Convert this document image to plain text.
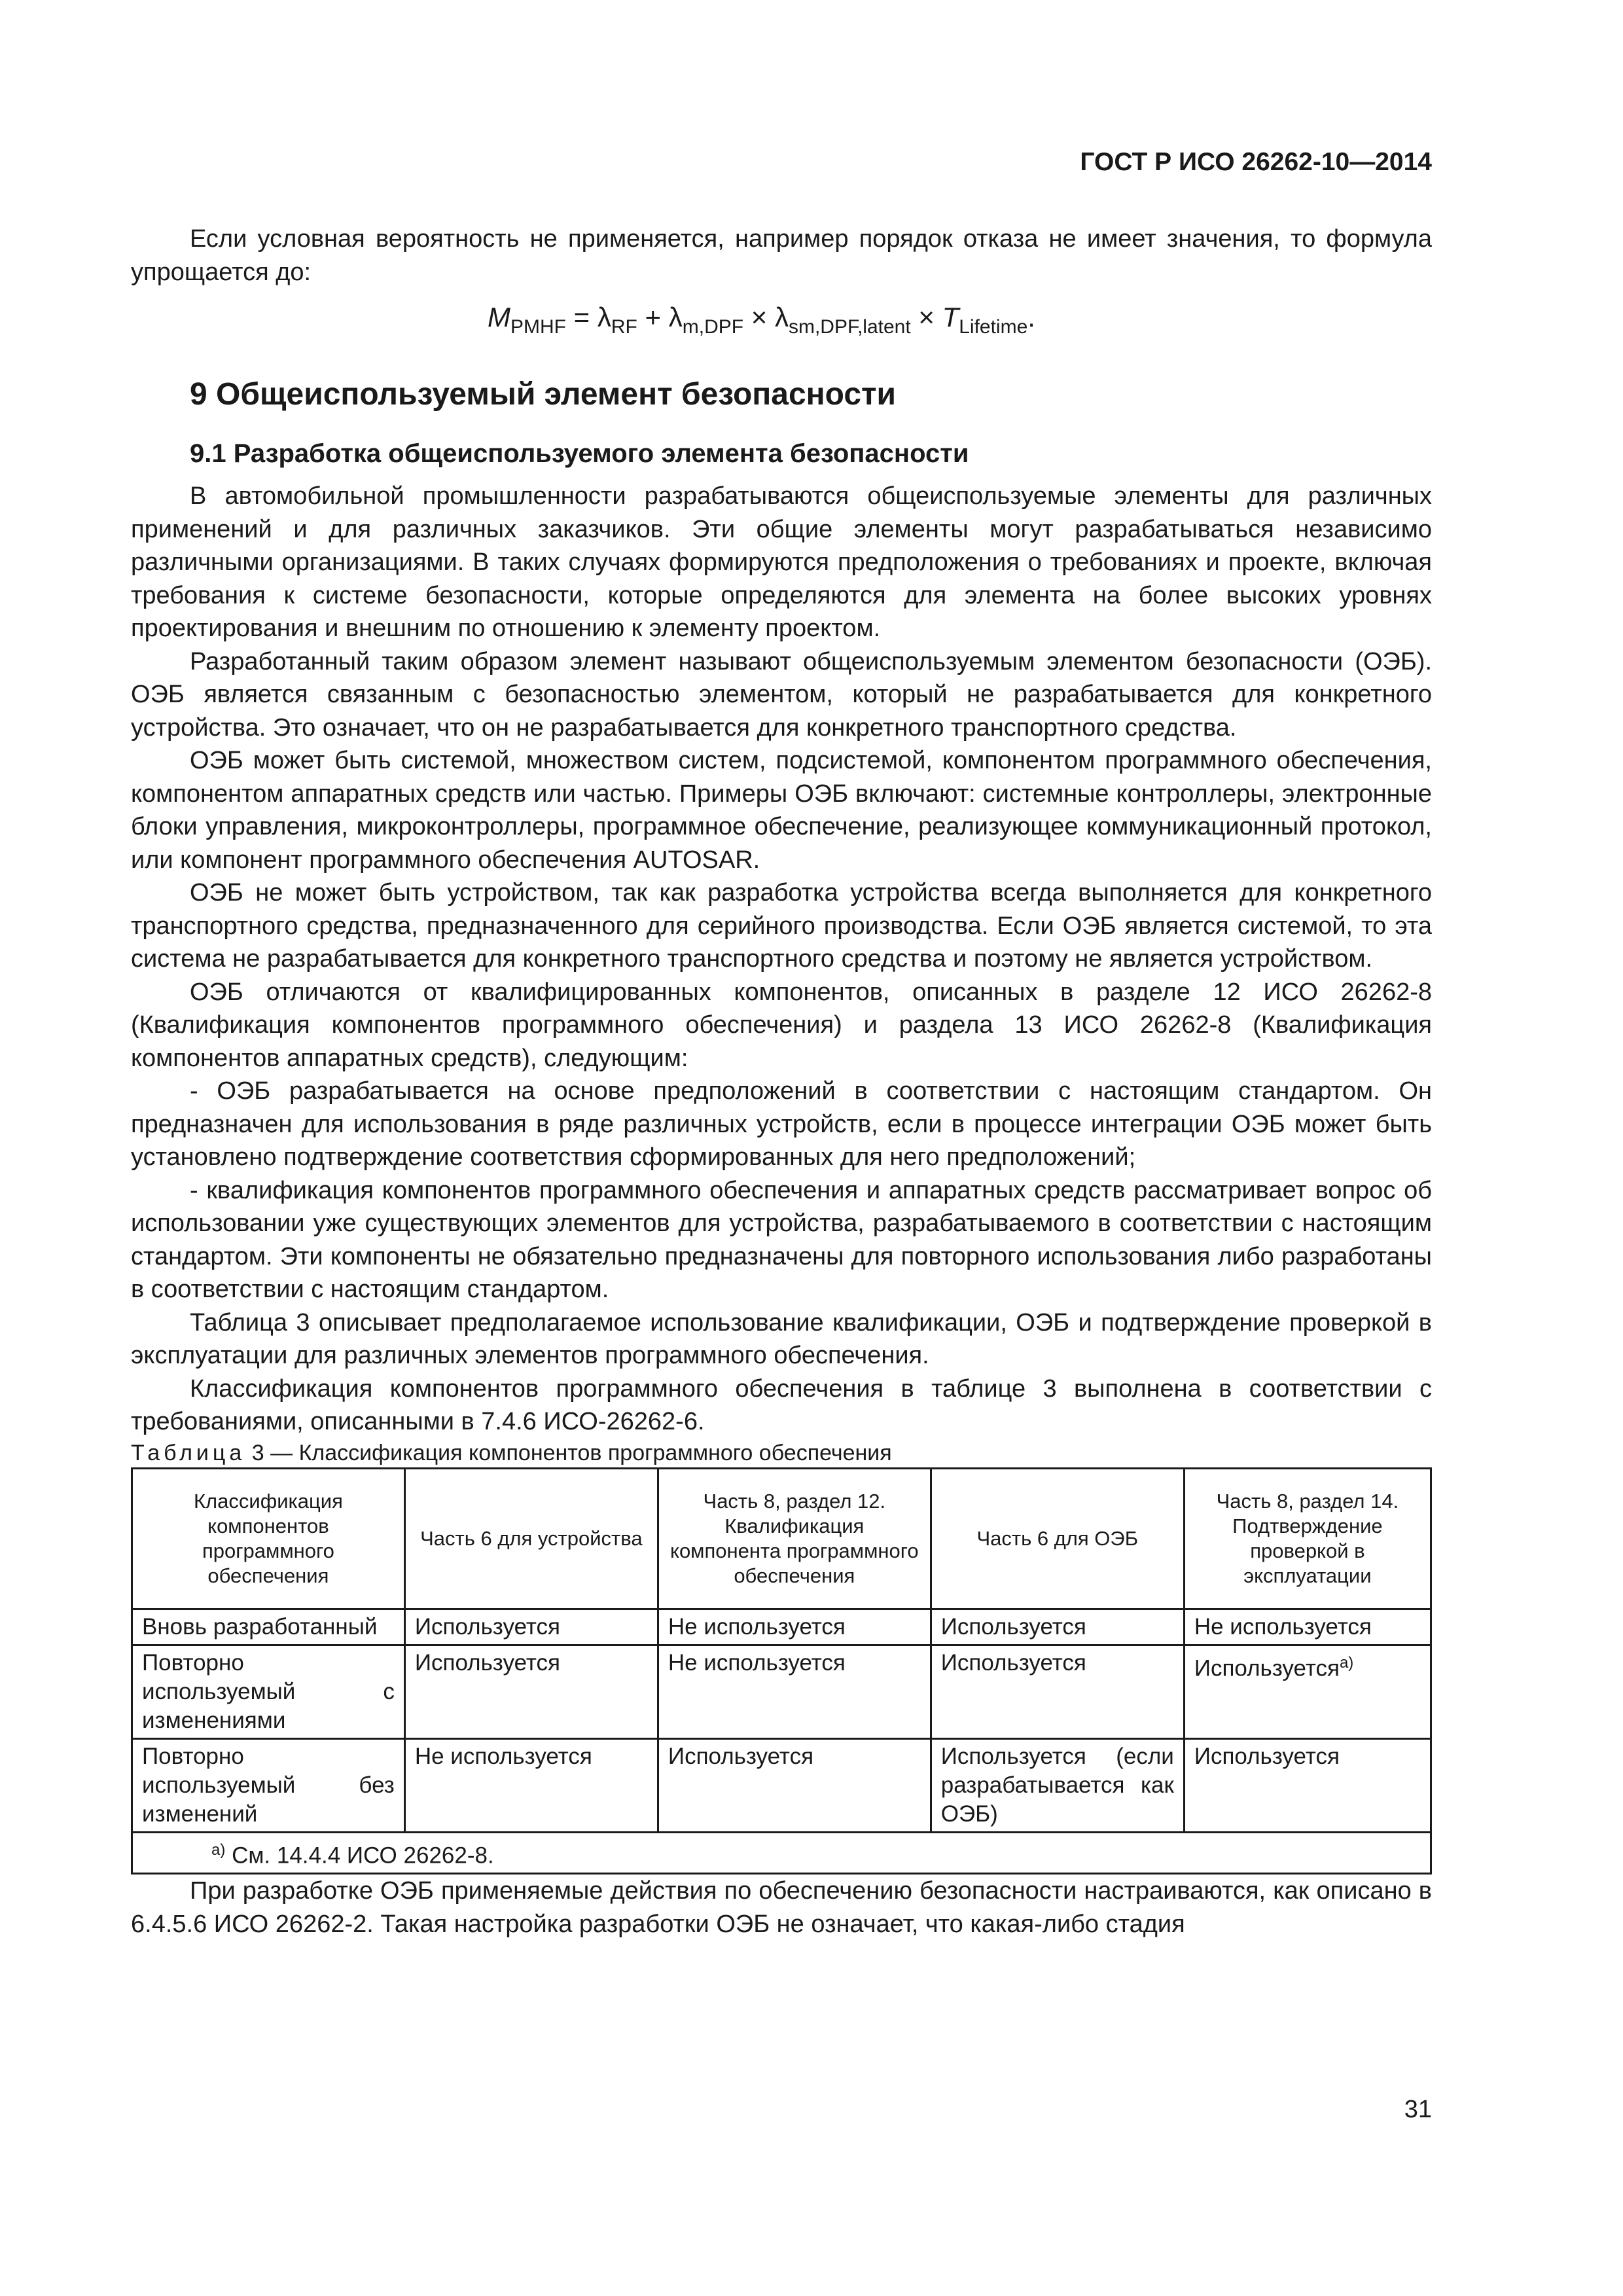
ГОСТ Р ИСО 26262-10—2014

Если условная вероятность не применяется, например порядок отказа не имеет значения, то формула упрощается до:

$M_{PMHF} = \lambda_{RF} + \lambda_{m,DPF} \times \lambda_{sm,DPF,latent} \times T_{Lifetime}$.
9 Общеиспользуемый элемент безопасности
9.1 Разработка общеиспользуемого элемента безопасности

В автомобильной промышленности разрабатываются общеиспользуемые элементы для различных применений и для различных заказчиков. Эти общие элементы могут разрабатываться независимо различными организациями. В таких случаях формируются предположения о требованиях и проекте, включая требования к системе безопасности, которые определяются для элемента на более высоких уровнях проектирования и внешним по отношению к элементу проектом.

Разработанный таким образом элемент называют общеиспользуемым элементом безопасности (ОЭБ). ОЭБ является связанным с безопасностью элементом, который не разрабатывается для конкретного устройства. Это означает, что он не разрабатывается для конкретного транспортного средства.

ОЭБ может быть системой, множеством систем, подсистемой, компонентом программного обеспечения, компонентом аппаратных средств или частью. Примеры ОЭБ включают: системные контроллеры, электронные блоки управления, микроконтроллеры, программное обеспечение, реализующее коммуникационный протокол, или компонент программного обеспечения AUTOSAR.

ОЭБ не может быть устройством, так как разработка устройства всегда выполняется для конкретного транспортного средства, предназначенного для серийного производства. Если ОЭБ является системой, то эта система не разрабатывается для конкретного транспортного средства и поэтому не является устройством.

ОЭБ отличаются от квалифицированных компонентов, описанных в разделе 12 ИСО 26262-8 (Квалификация компонентов программного обеспечения) и раздела 13 ИСО 26262-8 (Квалификация компонентов аппаратных средств), следующим:

- ОЭБ разрабатывается на основе предположений в соответствии с настоящим стандартом. Он предназначен для использования в ряде различных устройств, если в процессе интеграции ОЭБ может быть установлено подтверждение соответствия сформированных для него предположений;

- квалификация компонентов программного обеспечения и аппаратных средств рассматривает вопрос об использовании уже существующих элементов для устройства, разрабатываемого в соответствии с настоящим стандартом. Эти компоненты не обязательно предназначены для повторного использования либо разработаны в соответствии с настоящим стандартом.

Таблица 3 описывает предполагаемое использование квалификации, ОЭБ и подтверждение проверкой в эксплуатации для различных элементов программного обеспечения.

Классификация компонентов программного обеспечения в таблице 3 выполнена в соответствии с требованиями, описанными в 7.4.6 ИСО-26262-6.

Таблица 3 — Классификация компонентов программного обеспечения

Классификация компонентов программного обеспечения	Часть 6 для устройства	Часть 8, раздел 12. Квалификация компонента программного обеспечения	Часть 6 для ОЭБ	Часть 8, раздел 14. Подтверждение проверкой в эксплуатации
Вновь разработанный	Используется	Не используется	Используется	Не используется
Повторно используемый с изменениями	Используется	Не используется	Используется	Используется$^{а)}$
Повторно используемый без изменений	Не используется	Используется	Используется (если разрабатывается как ОЭБ)	Используется
$^{а)}$ См. 14.4.4 ИСО 26262-8.				

При разработке ОЭБ применяемые действия по обеспечению безопасности настраиваются, как описано в 6.4.5.6 ИСО 26262-2. Такая настройка разработки ОЭБ не означает, что какая-либо стадия

31
